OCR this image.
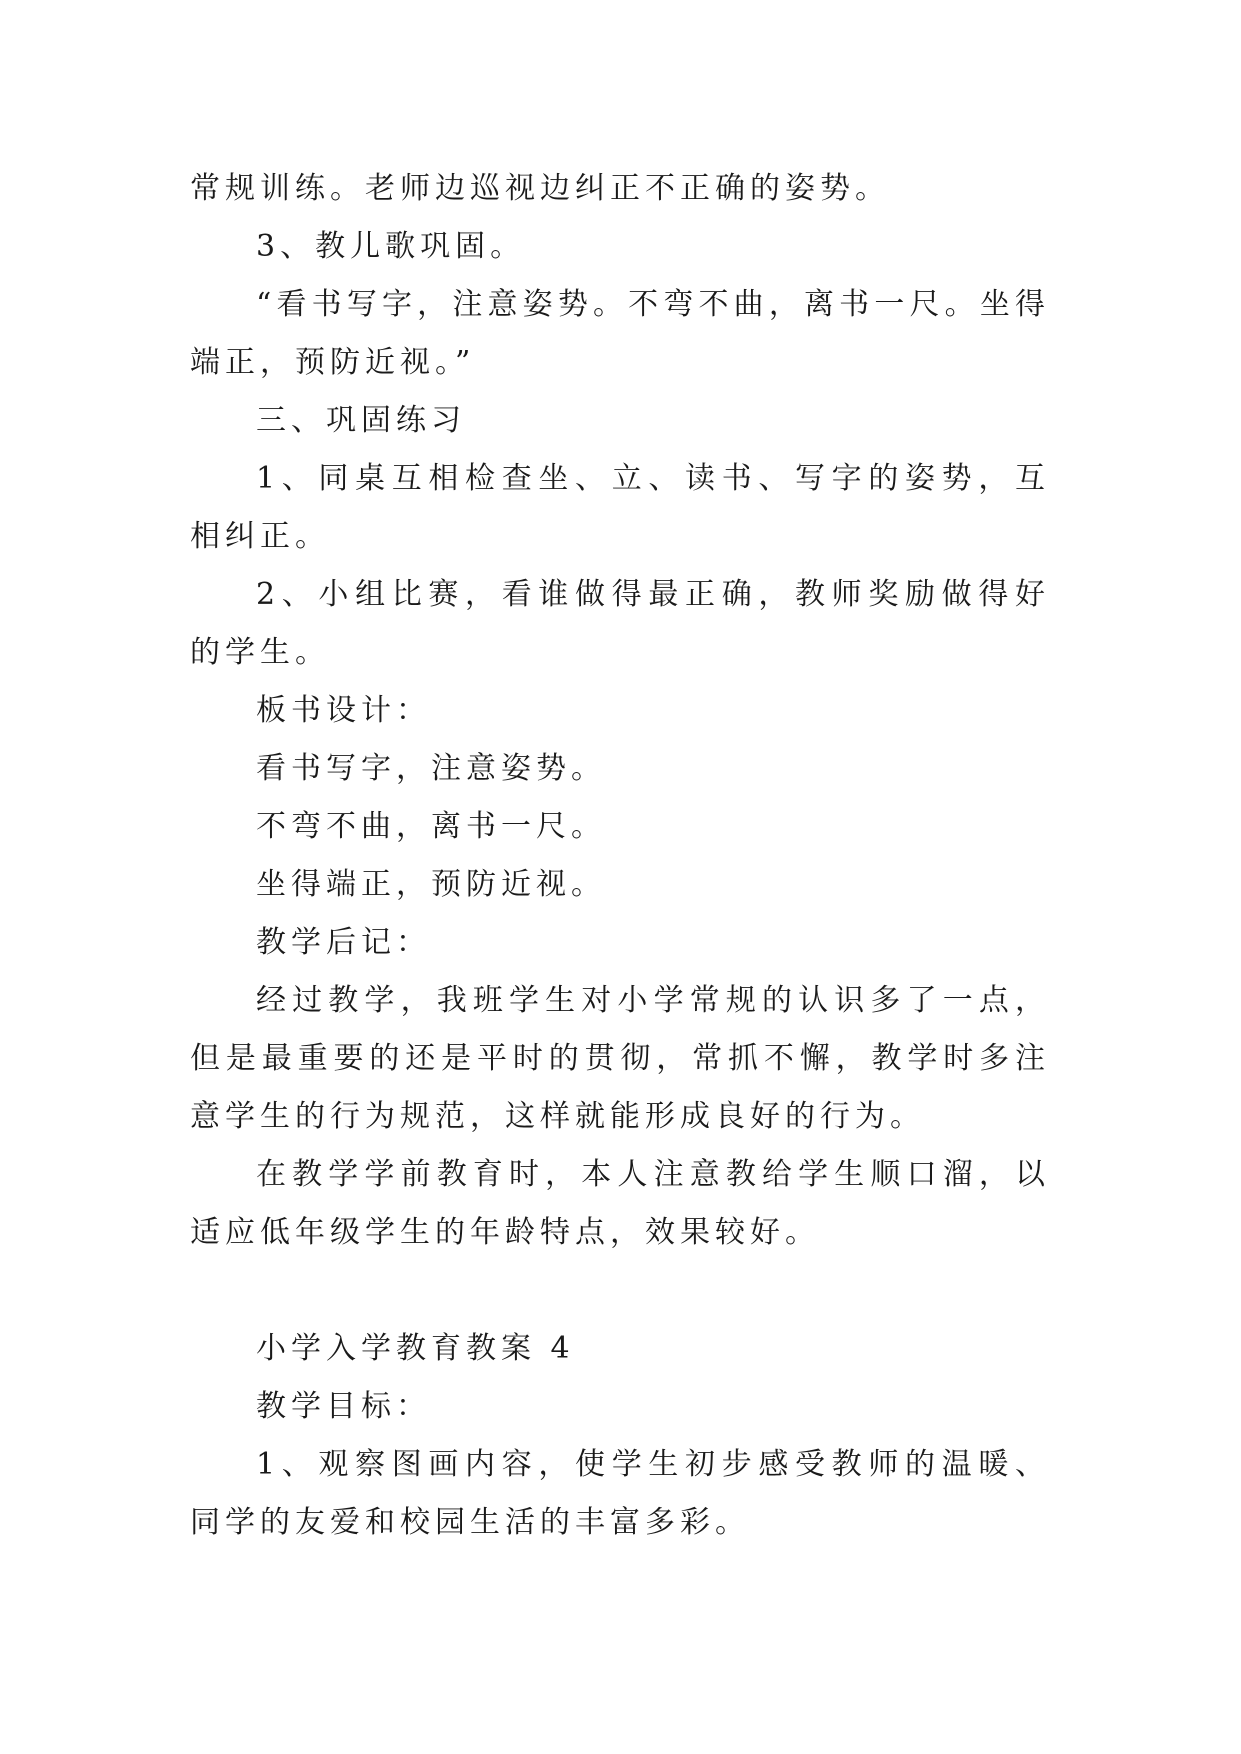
常规训练。老师边巡视边纠正不正确的姿势。

3、教儿歌巩固。

“看书写字，注意姿势。不弯不曲，离书一尺。坐得端正，预防近视。”

三、巩固练习

1、同桌互相检查坐、立、读书、写字的姿势，互相纠正。

2、小组比赛，看谁做得最正确，教师奖励做得好的学生。

板书设计：

看书写字，注意姿势。

不弯不曲，离书一尺。

坐得端正，预防近视。

教学后记：

经过教学，我班学生对小学常规的认识多了一点，但是最重要的还是平时的贯彻，常抓不懈，教学时多注意学生的行为规范，这样就能形成良好的行为。

在教学学前教育时，本人注意教给学生顺口溜，以适应低年级学生的年龄特点，效果较好。

小学入学教育教案 4

教学目标：

1、观察图画内容，使学生初步感受教师的温暖、同学的友爱和校园生活的丰富多彩。
